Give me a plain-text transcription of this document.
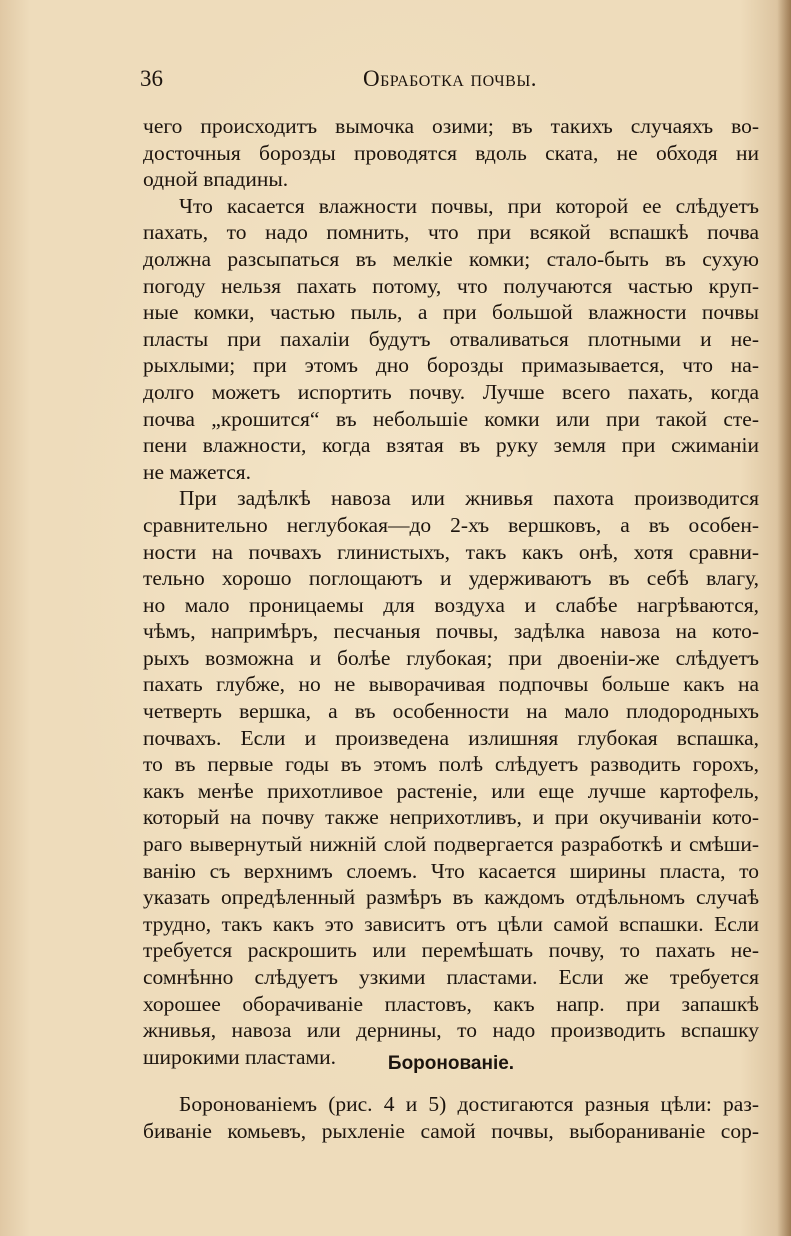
36	Обработка почвы.
чего происходитъ вымочка озими; въ такихъ случаяхъ во-
досточныя борозды проводятся вдоль ската, не обходя ни
одной впадины.
Что касается влажности почвы, при которой ее слѣдуетъ
пахать, то надо помнить, что при всякой вспашкѣ почва
должна разсыпаться въ мелкіе комки; стало-быть въ сухую
погоду нельзя пахать потому, что получаются частью круп-
ные комки, частью пыль, а при большой влажности почвы
пласты при пахаліи будутъ отваливаться плотными и не-
рыхлыми; при этомъ дно борозды примазывается, что на-
долго можетъ испортить почву. Лучше всего пахать, когда
почва „крошится“ въ небольшіе комки или при такой сте-
пени влажности, когда взятая въ руку земля при сжиманіи
не мажется.
При задѣлкѣ навоза или жнивья пахота производится
сравнительно неглубокая—до 2-хъ вершковъ, а въ особен-
ности на почвахъ глинистыхъ, такъ какъ онѣ, хотя сравни-
тельно хорошо поглощаютъ и удерживаютъ въ себѣ влагу,
но мало проницаемы для воздуха и слабѣе нагрѣваются,
чѣмъ, напримѣръ, песчаныя почвы, задѣлка навоза на кото-
рыхъ возможна и болѣе глубокая; при двоеніи-же слѣдуетъ
пахать глубже, но не выворачивая подпочвы больше какъ на
четверть вершка, а въ особенности на мало плодородныхъ
почвахъ. Если и произведена излишняя глубокая вспашка,
то въ первые годы въ этомъ полѣ слѣдуетъ разводить горохъ,
какъ менѣе прихотливое растеніе, или еще лучше картофель,
который на почву также неприхотливъ, и при окучиваніи кото-
раго вывернутый нижній слой подвергается разработкѣ и смѣши-
ванію съ верхнимъ слоемъ. Что касается ширины пласта, то
указать опредѣленный размѣръ въ каждомъ отдѣльномъ случаѣ
трудно, такъ какъ это зависитъ отъ цѣли самой вспашки. Если
требуется раскрошить или перемѣшать почву, то пахать не-
сомнѣнно слѣдуетъ узкими пластами. Если же требуется
хорошее оборачиваніе пластовъ, какъ напр. при запашкѣ
жнивья, навоза или дернины, то надо производить вспашку
широкими пластами.	Боронованіе.
Боронованіемъ (рис. 4 и 5) достигаются разныя цѣли: раз-
биваніе комьевъ, рыхленіе самой почвы, выбораниваніе сор-
